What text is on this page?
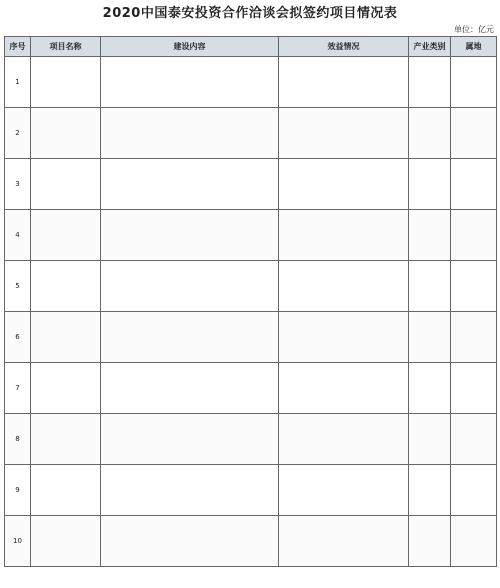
2020中国泰安投资合作洽谈会拟签约项目情况表
单位：亿元
序号	项目名称	建设内容	效益情况	产业类别	属地
1					
2					
3					
4					
5					
6					
7					
8					
9					
10					
